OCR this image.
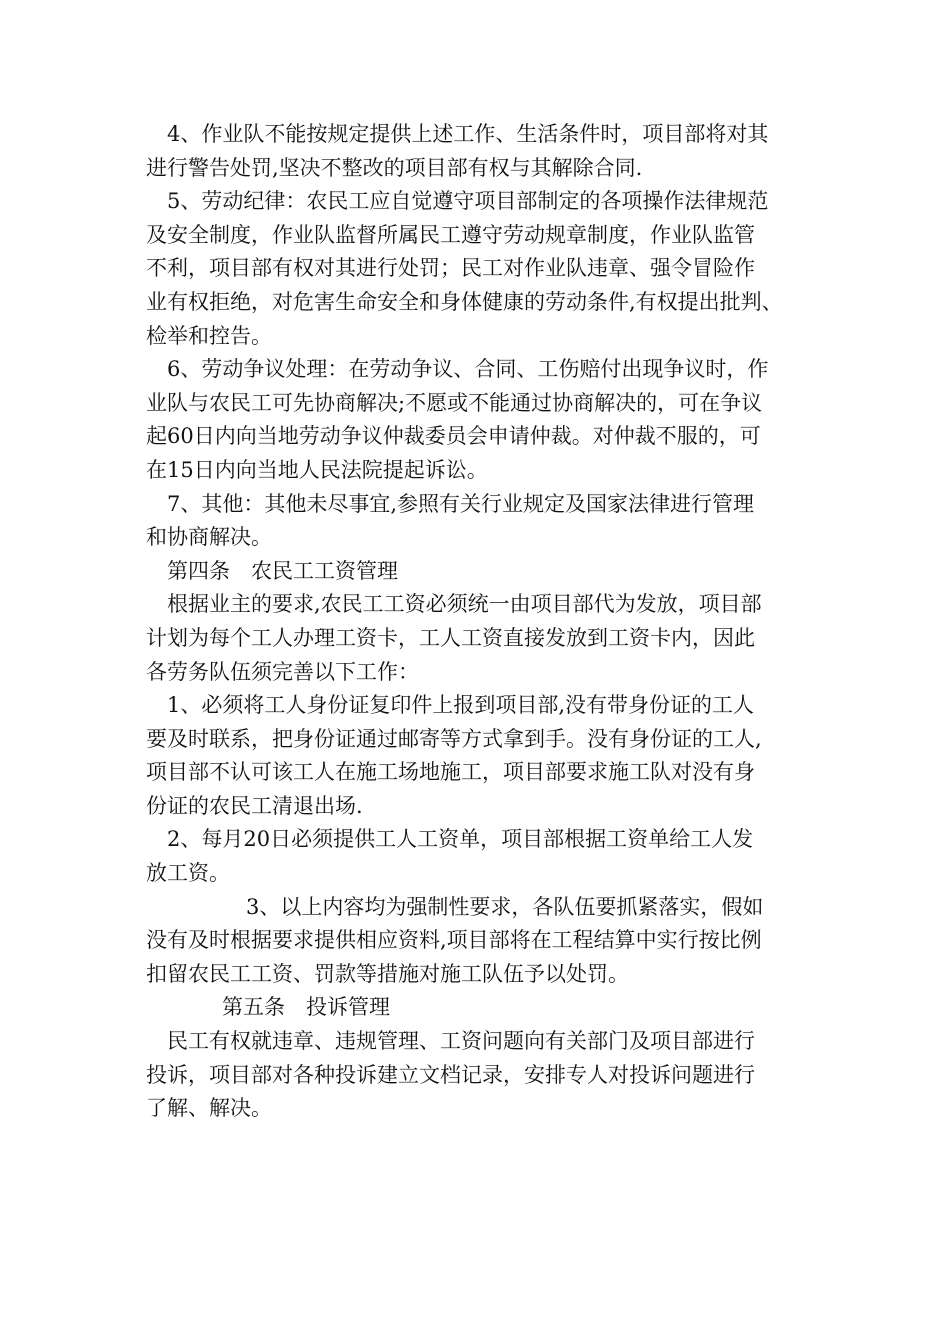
4、作业队不能按规定提供上述工作、生活条件时，项目部将对其
进行警告处罚,坚决不整改的项目部有权与其解除合同.
5、劳动纪律：农民工应自觉遵守项目部制定的各项操作法律规范
及安全制度，作业队监督所属民工遵守劳动规章制度，作业队监管
不利，项目部有权对其进行处罚；民工对作业队违章、强令冒险作
业有权拒绝，对危害生命安全和身体健康的劳动条件,有权提出批判、
检举和控告。
6、劳动争议处理：在劳动争议、合同、工伤赔付出现争议时，作
业队与农民工可先协商解决;不愿或不能通过协商解决的，可在争议
起60日内向当地劳动争议仲裁委员会申请仲裁。对仲裁不服的，可
在15日内向当地人民法院提起诉讼。
7、其他：其他未尽事宜,参照有关行业规定及国家法律进行管理
和协商解决。
第四条　农民工工资管理
根据业主的要求,农民工工资必须统一由项目部代为发放，项目部
计划为每个工人办理工资卡，工人工资直接发放到工资卡内，因此
各劳务队伍须完善以下工作：
1、必须将工人身份证复印件上报到项目部,没有带身份证的工人
要及时联系，把身份证通过邮寄等方式拿到手。没有身份证的工人,
项目部不认可该工人在施工场地施工，项目部要求施工队对没有身
份证的农民工清退出场.
2、每月20日必须提供工人工资单，项目部根据工资单给工人发
放工资。
3、以上内容均为强制性要求，各队伍要抓紧落实，假如
没有及时根据要求提供相应资料,项目部将在工程结算中实行按比例
扣留农民工工资、罚款等措施对施工队伍予以处罚。
第五条　投诉管理
民工有权就违章、违规管理、工资问题向有关部门及项目部进行
投诉，项目部对各种投诉建立文档记录，安排专人对投诉问题进行
了解、解决。
